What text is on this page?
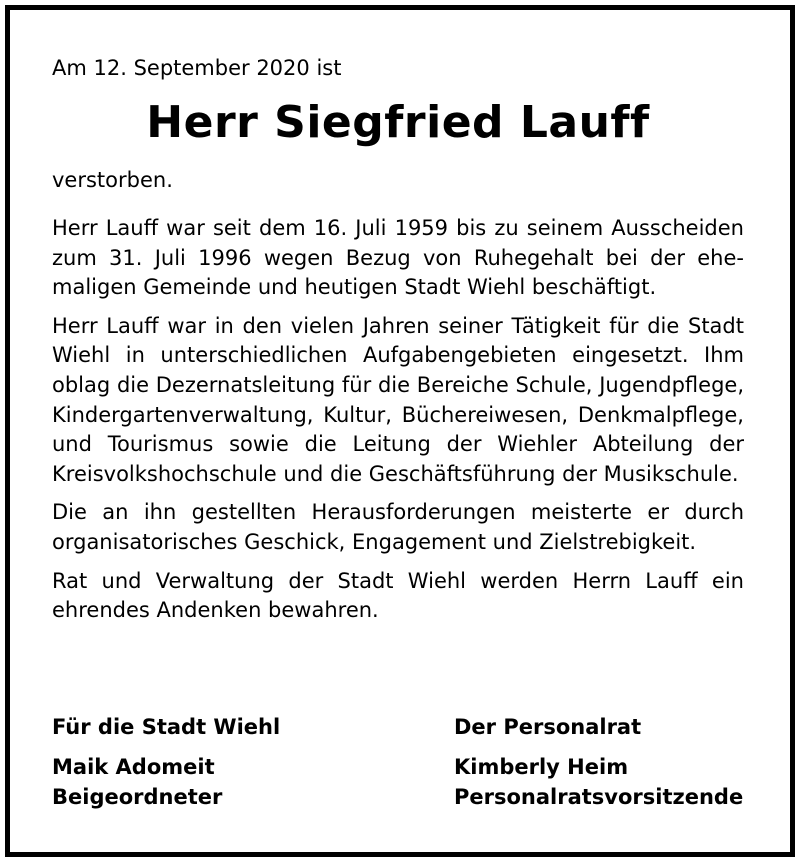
Am 12. September 2020 ist

Herr Siegfried Lauff

verstorben.

Herr Lauff war seit dem 16. Juli 1959 bis zu seinem Ausscheiden zum 31. Juli 1996 wegen Bezug von Ruhegehalt bei der ehemaligen Gemeinde und heutigen Stadt Wiehl beschäftigt.

Herr Lauff war in den vielen Jahren seiner Tätigkeit für die Stadt Wiehl in unterschiedlichen Aufgabengebieten eingesetzt. Ihm oblag die Dezernatsleitung für die Bereiche Schule, Jugendpflege, Kindergartenverwaltung, Kultur, Büchereiwesen, Denkmalpflege, und Tourismus sowie die Leitung der Wiehler Abteilung der Kreisvolkshochschule und die Geschäftsführung der Musikschule.

Die an ihn gestellten Herausforderungen meisterte er durch organisatorisches Geschick, Engagement und Zielstrebigkeit.

Rat und Verwaltung der Stadt Wiehl werden Herrn Lauff ein ehrendes Andenken bewahren.

Für die Stadt Wiehl
Maik Adomeit
Beigeordneter
Der Personalrat
Kimberly Heim
Personalratsvorsitzende
